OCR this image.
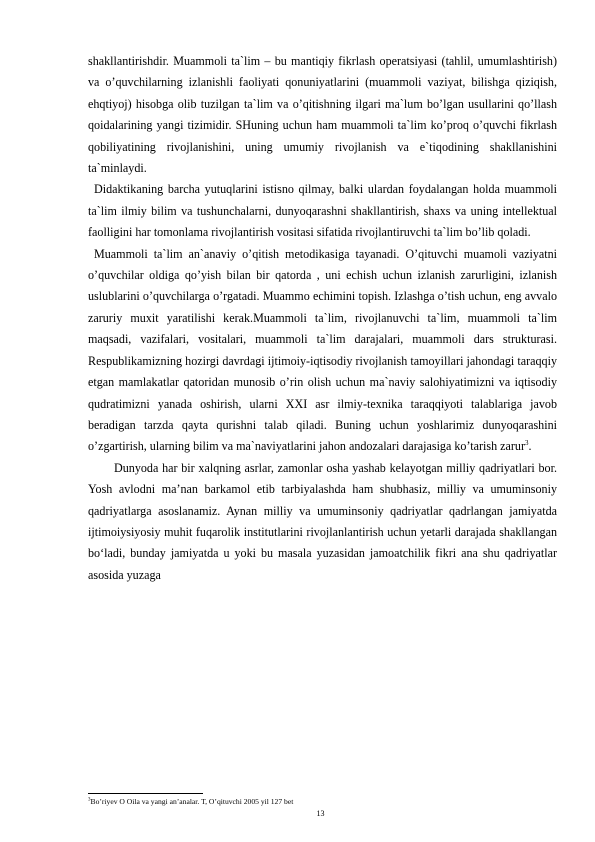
shakllantirishdir. Muammoli ta`lim – bu mantiqiy fikrlash operatsiyasi (tahlil, umumlashtirish) va o’quvchilarning izlanishli faoliyati qonuniyatlarini (muammoli vaziyat, bilishga qiziqish, ehqtiyoj) hisobga olib tuzilgan ta`lim va o’qitishning ilgari ma`lum bo’lgan usullarini qo’llash qoidalarining yangi tizimidir. SHuning uchun ham muammoli ta`lim ko’proq o’quvchi fikrlash qobiliyatining rivojlanishini, uning umumiy rivojlanish va e`tiqodining shakllanishini ta`minlaydi.

Didaktikaning barcha yutuqlarini istisno qilmay, balki ulardan foydalangan holda muammoli ta`lim ilmiy bilim va tushunchalarni, dunyoqarashni shakllantirish, shaxs va uning intellektual faolligini har tomonlama rivojlantirish vositasi sifatida rivojlantiruvchi ta`lim bo’lib qoladi.

Muammoli ta`lim an`anaviy o’qitish metodikasiga tayanadi. O’qituvchi muamoli vaziyatni o’quvchilar oldiga qo’yish bilan bir qatorda , uni echish uchun izlanish zarurligini, izlanish uslublarini o’quvchilarga o’rgatadi. Muammo echimini topish. Izlashga o’tish uchun, eng avvalo zaruriy muxit yaratilishi kerak.Muammoli ta`lim, rivojlanuvchi ta`lim, muammoli ta`lim maqsadi, vazifalari, vositalari, muammoli ta`lim darajalari, muammoli dars strukturasi. Respublikamizning hozirgi davrdagi ijtimoiy-iqtisodiy rivojlanish tamoyillari jahondagi taraqqiy etgan mamlakatlar qatoridan munosib o’rin olish uchun ma`naviy salohiyatimizni va iqtisodiy qudratimizni yanada oshirish, ularni XXI asr ilmiy-texnika taraqqiyoti talablariga javob beradigan tarzda qayta qurishni talab qiladi. Buning uchun yoshlarimiz dunyoqarashini o’zgartirish, ularning bilim va ma`naviyatlarini jahon andozalari darajasiga ko’tarish zarur$^3$.

Dunyoda har bir xalqning asrlar, zamonlar osha yashab kelayotgan milliy qadriyatlari bor. Yosh avlodni ma’nan barkamol etib tarbiyalashda ham shubhasiz, milliy va umuminsoniy qadriyatlarga asoslanamiz. Aynan milliy va umuminsoniy qadriyatlar qadrlangan jamiyatda ijtimoiysiyosiy muhit fuqarolik institutlarini rivojlanlantirish uchun yetarli darajada shakllangan bo‘ladi, bunday jamiyatda u yoki bu masala yuzasidan jamoatchilik fikri ana shu qadriyatlar asosida yuzaga

$^3$Bo’riyev O Oila va yangi an’analar. T, O’qituvchi 2005 yil 127 bet
13
